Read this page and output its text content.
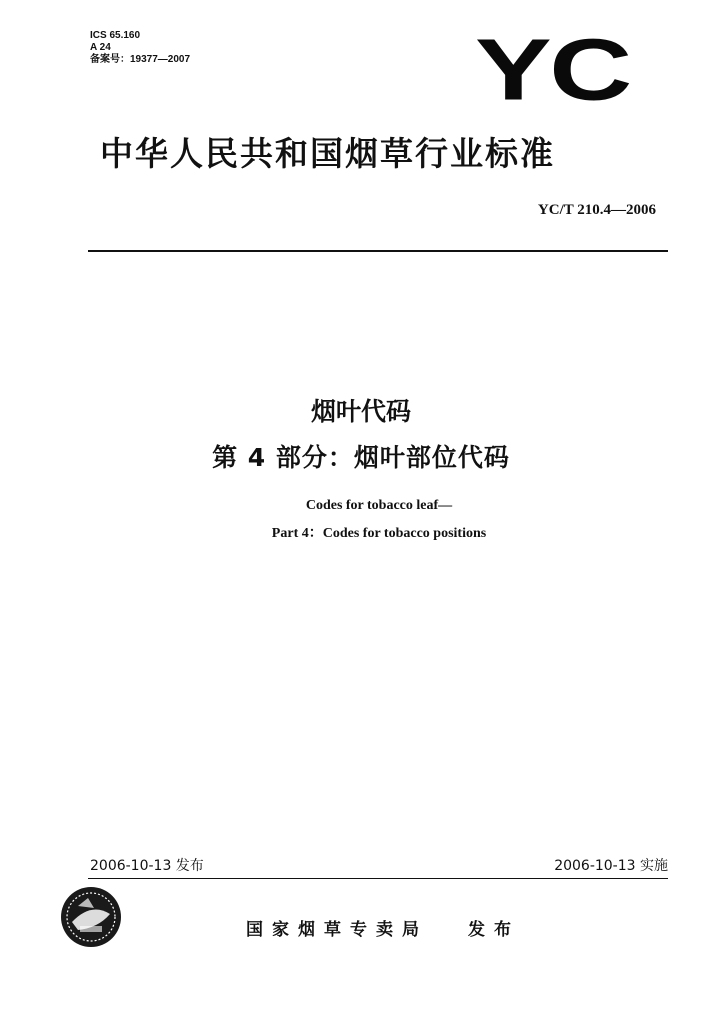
ICS 65.160
A 24
备案号：19377—2007	YC
中华人民共和国烟草行业标准
YC/T 210.4—2006
烟叶代码
第 4 部分：烟叶部位代码
Codes for tobacco leaf—
Part 4：Codes for tobacco positions
2006-10-13 发布	2006-10-13 实施
国家烟草专卖局 发布
